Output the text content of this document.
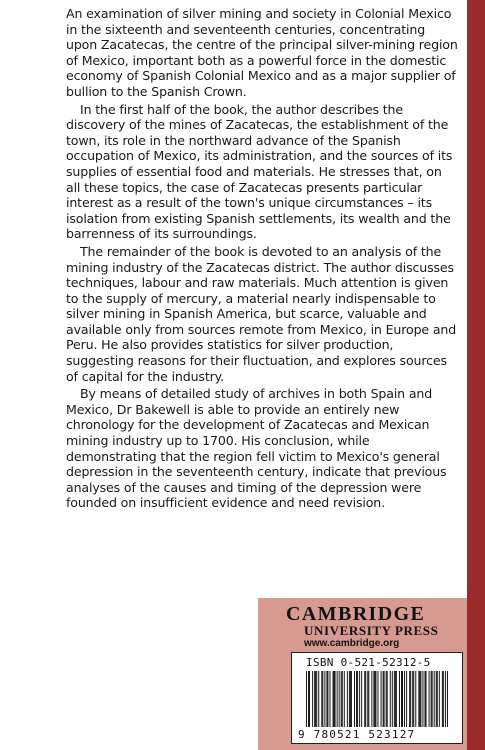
An examination of silver mining and society in Colonial Mexico in the sixteenth and seventeenth centuries, concentrating upon Zacatecas, the centre of the principal silver-mining region of Mexico, important both as a powerful force in the domestic economy of Spanish Colonial Mexico and as a major supplier of bullion to the Spanish Crown.

In the first half of the book, the author describes the discovery of the mines of Zacatecas, the establishment of the town, its role in the northward advance of the Spanish occupation of Mexico, its administration, and the sources of its supplies of essential food and materials. He stresses that, on all these topics, the case of Zacatecas presents particular interest as a result of the town's unique circumstances – its isolation from existing Spanish settlements, its wealth and the barrenness of its surroundings.

The remainder of the book is devoted to an analysis of the mining industry of the Zacatecas district. The author discusses techniques, labour and raw materials. Much attention is given to the supply of mercury, a material nearly indispensable to silver mining in Spanish America, but scarce, valuable and available only from sources remote from Mexico, in Europe and Peru. He also provides statistics for silver production, suggesting reasons for their fluctuation, and explores sources of capital for the industry.

By means of detailed study of archives in both Spain and Mexico, Dr Bakewell is able to provide an entirely new chronology for the development of Zacatecas and Mexican mining industry up to 1700. His conclusion, while demonstrating that the region fell victim to Mexico's general depression in the seventeenth century, indicate that previous analyses of the causes and timing of the depression were founded on insufficient evidence and need revision.

CAMBRIDGE
UNIVERSITY PRESS
www.cambridge.org
ISBN 0-521-52312-5
9 780521 523127
